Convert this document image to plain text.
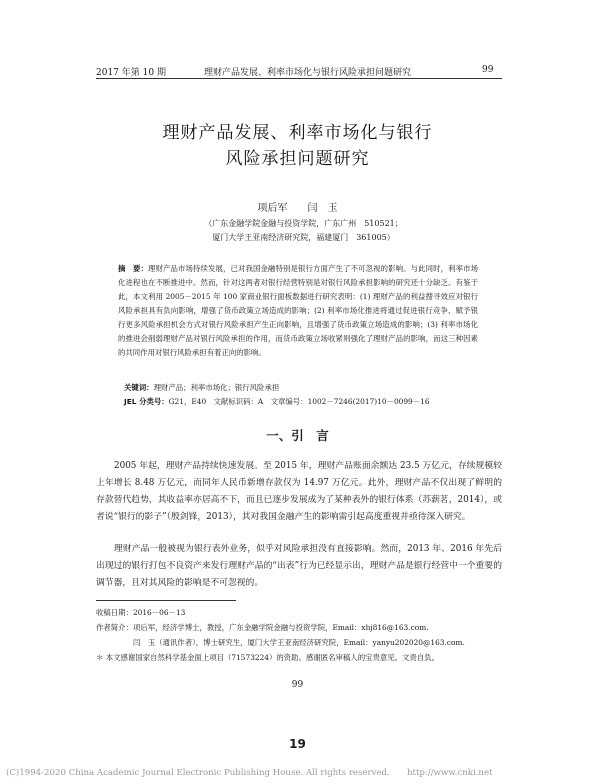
2017 年第 10 期	理财产品发展、利率市场化与银行风险承担问题研究	99
理财产品发展、利率市场化与银行
风险承担问题研究
项后军　　闫　玉
（广东金融学院金融与投资学院，广东广州　510521；
厦门大学王亚南经济研究院，福建厦门　361005）
摘　要：理财产品市场持续发展，已对我国金融特别是银行方面产生了不可忽视的影响。与此同时，利率市场化进程也在不断推进中。然而，针对这两者对银行经营特别是对银行风险承担影响的研究还十分缺乏。有鉴于此，本文利用 2005－2015 年 100 家商业银行面板数据进行研究表明：(1) 理财产品的利益搜寻效应对银行风险承担具有负向影响，增强了货币政策立场造成的影响；(2) 利率市场化推进将通过促进银行竞争、赋予银行更多风险承担机会方式对银行风险承担产生正向影响，且增强了货币政策立场造成的影响；(3) 利率市场化的推进会削弱理财产品对银行风险承担的作用，而货币政策立场收紧则强化了理财产品的影响，而这三种因素的共同作用对银行风险承担有着正向的影响。
关键词：理财产品；利率市场化；银行风险承担
JEL 分类号：G21，E40　文献标识码：A　文章编号：1002－7246(2017)10－0099－16
一、引　言
2005 年起，理财产品持续快速发展。至 2015 年，理财产品账面余额达 23.5 万亿元，存续规模较上年增长 8.48 万亿元，而同年人民币新增存款仅为 14.97 万亿元。此外，理财产品不仅出现了鲜明的存款替代趋势，其收益率亦居高不下，而且已逐步发展成为了某种表外的银行体系（苏薪茗，2014），或者说“银行的影子”（殷剑锋，2013），其对我国金融产生的影响需引起高度重视并亟待深入研究。
理财产品一般被视为银行表外业务，似乎对风险承担没有直接影响。然而，2013 年、2016 年先后出现过的银行打包不良资产来发行理财产品的“出表”行为已经显示出，理财产品是银行经营中一个重要的调节器，且对其风险的影响是不可忽视的。
收稿日期：2016－06－13
作者简介：项后军，经济学博士，教授，广东金融学院金融与投资学院，Email：xhj816@163.com.
　　　　　闫　玉（通讯作者），博士研究生，厦门大学王亚南经济研究院，Email：yanyu202020@163.com.
＊ 本文感谢国家自然科学基金面上项目（71573224）的资助。感谢匿名审稿人的宝贵意见。文责自负。
99
19
(C)1994-2020 China Academic Journal Electronic Publishing House. All rights reserved.　　http://www.cnki.net
